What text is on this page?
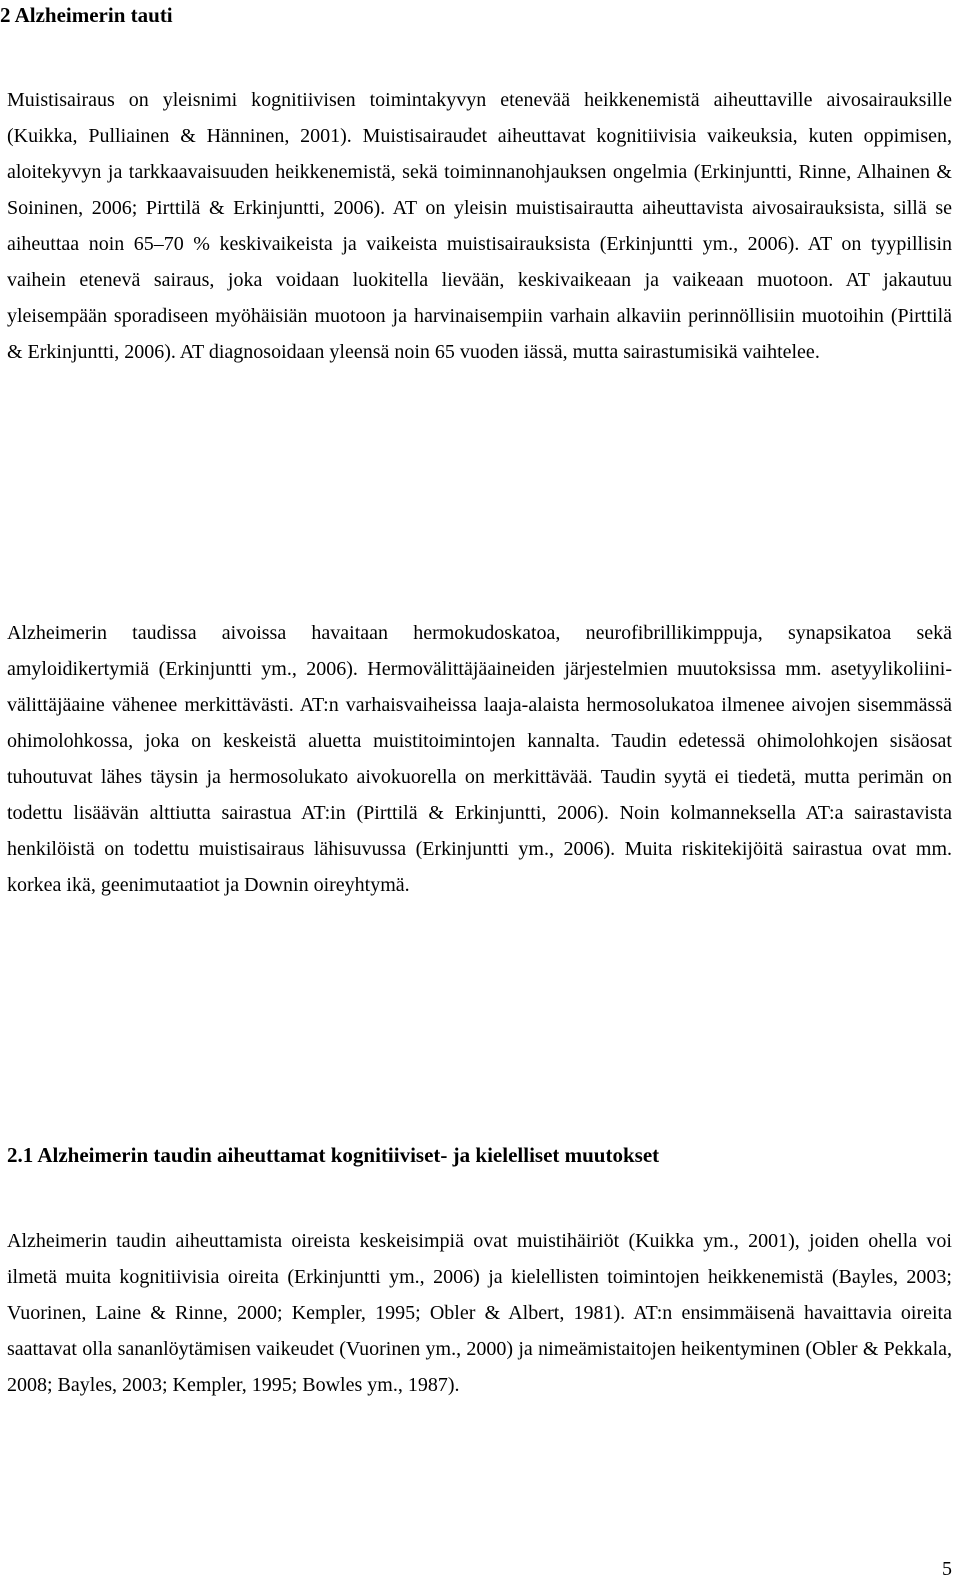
2 Alzheimerin tauti

Muistisairaus on yleisnimi kognitiivisen toimintakyvyn etenevää heikkenemistä aiheuttaville aivosairauksille (Kuikka, Pulliainen & Hänninen, 2001). Muistisairaudet aiheuttavat kognitiivisia vaikeuksia, kuten oppimisen, aloitekyvyn ja tarkkaavaisuuden heikkenemistä, sekä toiminnanohjauksen ongelmia (Erkinjuntti, Rinne, Alhainen & Soininen, 2006; Pirttilä & Erkinjuntti, 2006). AT on yleisin muistisairautta aiheuttavista aivosairauksista, sillä se aiheuttaa noin 65–70 % keskivaikeista ja vaikeista muistisairauksista (Erkinjuntti ym., 2006). AT on tyypillisin vaihein etenevä sairaus, joka voidaan luokitella lievään, keskivaikeaan ja vaikeaan muotoon. AT jakautuu yleisempään sporadiseen myöhäisiän muotoon ja harvinaisempiin varhain alkaviin perinnöllisiin muotoihin (Pirttilä & Erkinjuntti, 2006). AT diagnosoidaan yleensä noin 65 vuoden iässä, mutta sairastumisikä vaihtelee.

Alzheimerin taudissa aivoissa havaitaan hermokudoskatoa, neurofibrillikimppuja, synapsikatoa sekä amyloidikertymiä (Erkinjuntti ym., 2006). Hermovälittäjäaineiden järjestelmien muutoksissa mm. asetyylikoliini-välittäjäaine vähenee merkittävästi. AT:n varhaisvaiheissa laaja-alaista hermosolukatoa ilmenee aivojen sisemmässä ohimolohkossa, joka on keskeistä aluetta muistitoimintojen kannalta. Taudin edetessä ohimolohkojen sisäosat tuhoutuvat lähes täysin ja hermosolukato aivokuorella on merkittävää. Taudin syytä ei tiedetä, mutta perimän on todettu lisäävän alttiutta sairastua AT:in (Pirttilä & Erkinjuntti, 2006). Noin kolmanneksella AT:a sairastavista henkilöistä on todettu muistisairaus lähisuvussa (Erkinjuntti ym., 2006). Muita riskitekijöitä sairastua ovat mm. korkea ikä, geenimutaatiot ja Downin oireyhtymä.

2.1 Alzheimerin taudin aiheuttamat kognitiiviset- ja kielelliset muutokset

Alzheimerin taudin aiheuttamista oireista keskeisimpiä ovat muistihäiriöt (Kuikka ym., 2001), joiden ohella voi ilmetä muita kognitiivisia oireita (Erkinjuntti ym., 2006) ja kielellisten toimintojen heikkenemistä (Bayles, 2003; Vuorinen, Laine & Rinne, 2000; Kempler, 1995; Obler & Albert, 1981). AT:n ensimmäisenä havaittavia oireita saattavat olla sananlöytämisen vaikeudet (Vuorinen ym., 2000) ja nimeämistaitojen heikentyminen (Obler & Pekkala, 2008; Bayles, 2003; Kempler, 1995; Bowles ym., 1987).

5
